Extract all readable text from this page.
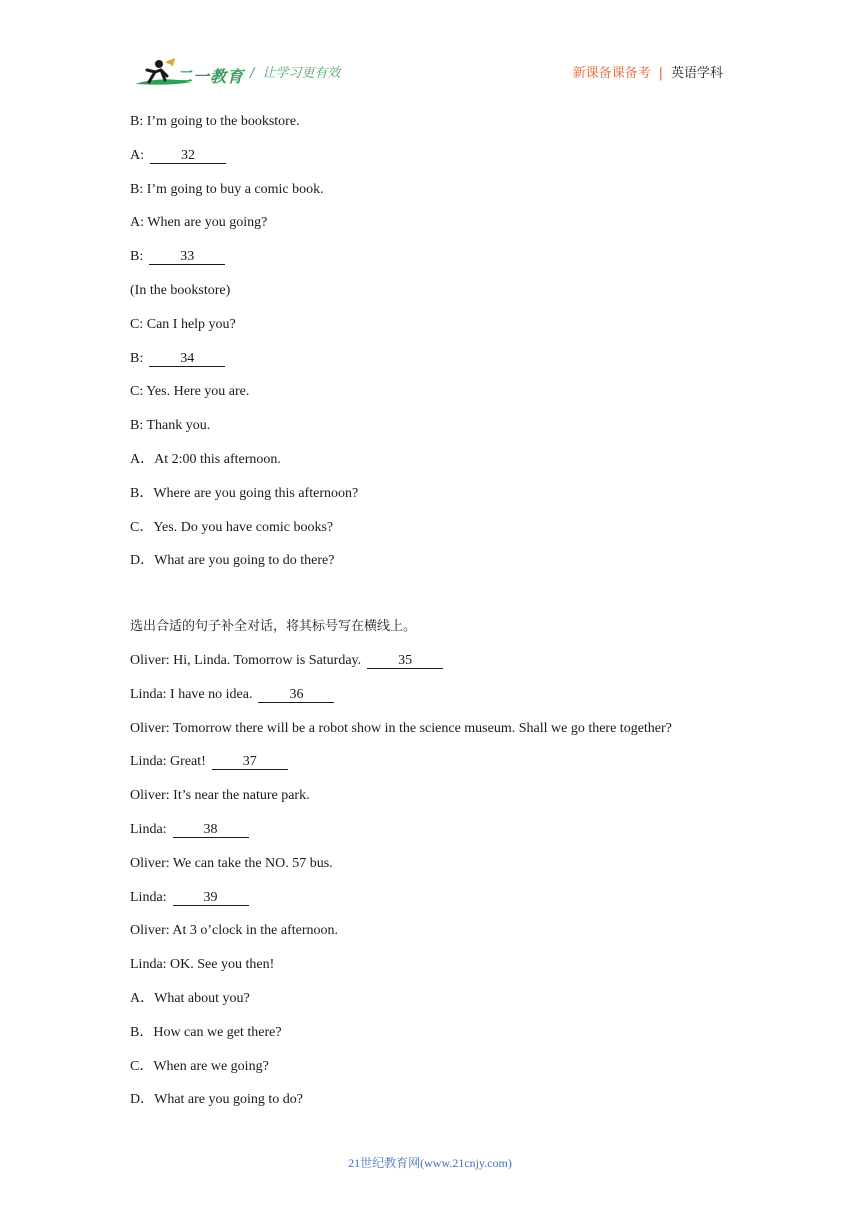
二一教育 / 让学习更有效	新课备课备考 | 英语学科
B: I’m going to the bookstore.
A:	32
B: I’m going to buy a comic book.
A: When are you going?
B:	33
(In the bookstore)
C: Can I help you?
B:	34
C: Yes. Here you are.
B: Thank you.
A．At 2:00 this afternoon.
B．Where are you going this afternoon?
C．Yes. Do you have comic books?
D．What are you going to do there?
选出合适的句子补全对话，将其标号写在横线上。
Oliver: Hi, Linda. Tomorrow is Saturday.	35
Linda: I have no idea.	36
Oliver: Tomorrow there will be a robot show in the science museum. Shall we go there together?
Linda: Great!	37
Oliver: It’s near the nature park.
Linda:	38
Oliver: We can take the NO. 57 bus.
Linda:	39
Oliver: At 3 o’clock in the afternoon.
Linda: OK. See you then!
A．What about you?
B．How can we get there?
C．When are we going?
D．What are you going to do?
21世纪教育网(www.21cnjy.com)
